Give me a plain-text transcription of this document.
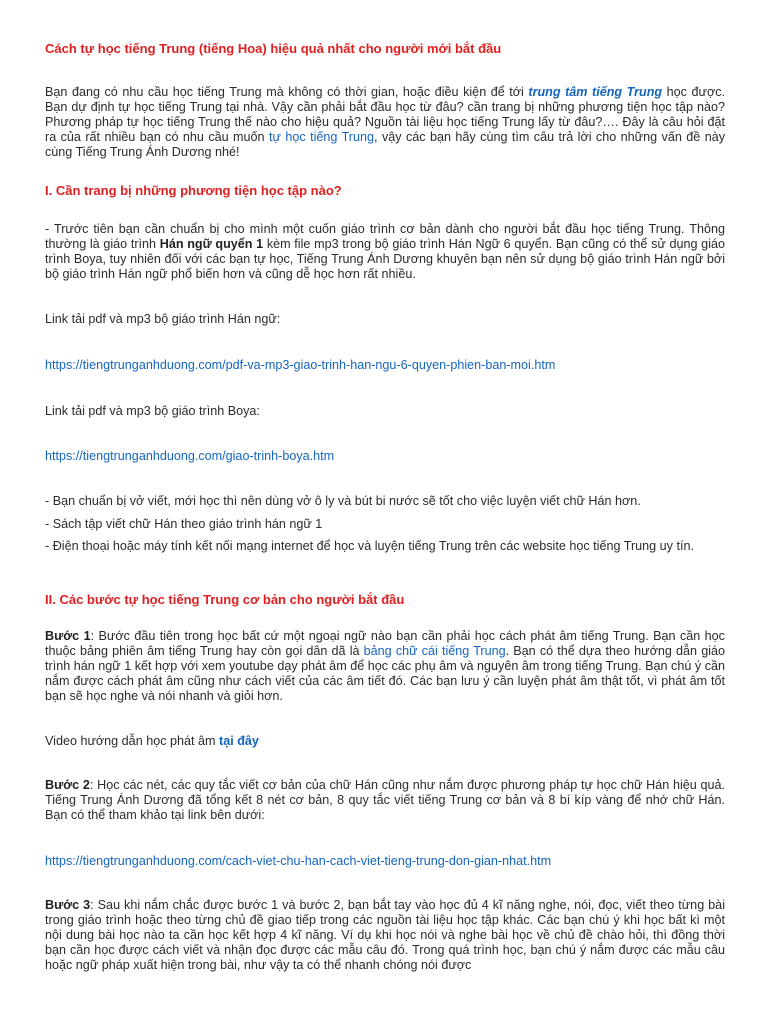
Cách tự học tiếng Trung (tiếng Hoa) hiệu quả nhất cho người mới bắt đầu

Bạn đang có nhu cầu học tiếng Trung mà không có thời gian, hoặc điều kiện để tới trung tâm tiếng Trung học được. Bạn dự định tự học tiếng Trung tại nhà. Vậy cần phải bắt đầu học từ đâu? cần trang bị những phương tiện học tập nào? Phương pháp tự học tiếng Trung thế nào cho hiệu quả? Nguồn tài liệu học tiếng Trung lấy từ đâu?…. Đây là câu hỏi đặt ra của rất nhiều bạn có nhu cầu muốn tự học tiếng Trung, vậy các bạn hãy cùng tìm câu trả lời cho những vấn đề này cùng Tiếng Trung Ánh Dương nhé!

I. Cần trang bị những phương tiện học tập nào?

- Trước tiên bạn cần chuẩn bị cho mình một cuốn giáo trình cơ bản dành cho người bắt đầu học tiếng Trung. Thông thường là giáo trình Hán ngữ quyển 1 kèm file mp3 trong bộ giáo trình Hán Ngữ 6 quyển. Bạn cũng có thể sử dụng giáo trình Boya, tuy nhiên đối với các bạn tự học, Tiếng Trung Ánh Dương khuyên bạn nên sử dụng bộ giáo trình Hán ngữ bởi bộ giáo trình Hán ngữ phổ biến hơn và cũng dễ học hơn rất nhiều.

Link tải pdf và mp3 bộ giáo trình Hán ngữ:

https://tiengtrunganhduong.com/pdf-va-mp3-giao-trinh-han-ngu-6-quyen-phien-ban-moi.htm

Link tải pdf và mp3 bộ giáo trình Boya:

https://tiengtrunganhduong.com/giao-trinh-boya.htm

- Bạn chuẩn bị vở viết, mới học thì nên dùng vở ô ly và bút bi nước sẽ tốt cho việc luyện viết chữ Hán hơn.

- Sách tập viết chữ Hán theo giáo trình hán ngữ 1

- Điện thoại hoặc máy tính kết nối mạng internet để học và luyện tiếng Trung trên các website học tiếng Trung uy tín.

II. Các bước tự học tiếng Trung cơ bản cho người bắt đầu

Bước 1: Bước đầu tiên trong học bất cứ một ngoại ngữ nào bạn cần phải học cách phát âm tiếng Trung. Bạn cần học thuộc bảng phiên âm tiếng Trung hay còn gọi dân dã là bảng chữ cái tiếng Trung. Bạn có thể dựa theo hướng dẫn giáo trình hán ngữ 1 kết hợp với xem youtube dạy phát âm để học các phụ âm và nguyên âm trong tiếng Trung. Bạn chú ý cần nắm được cách phát âm cũng như cách viết của các âm tiết đó. Các bạn lưu ý cần luyện phát âm thật tốt, vì phát âm tốt bạn sẽ học nghe và nói nhanh và giỏi hơn.

Video hướng dẫn học phát âm tại đây

Bước 2: Học các nét, các quy tắc viết cơ bản của chữ Hán cũng như nắm được phương pháp tự học chữ Hán hiệu quả. Tiếng Trung Ánh Dương đã tổng kết 8 nét cơ bản, 8 quy tắc viết tiếng Trung cơ bản và 8 bí kíp vàng để nhớ chữ Hán. Bạn có thể tham khảo tại link bên dưới:

https://tiengtrunganhduong.com/cach-viet-chu-han-cach-viet-tieng-trung-don-gian-nhat.htm

Bước 3: Sau khi nắm chắc được bước 1 và bước 2, bạn bắt tay vào học đủ 4 kĩ năng nghe, nói, đọc, viết theo từng bài trong giáo trình hoặc theo từng chủ đề giao tiếp trong các nguồn tài liệu học tập khác. Các bạn chú ý khi học bất kì một nội dung bài học nào ta cần học kết hợp 4 kĩ năng. Ví dụ khi học nói và nghe bài học về chủ đề chào hỏi, thì đồng thời bạn cần học được cách viết và nhận đọc được các mẫu câu đó. Trong quá trình học, bạn chú ý nắm được các mẫu câu hoặc ngữ pháp xuất hiện trong bài, như vậy ta có thể nhanh chóng nói được
